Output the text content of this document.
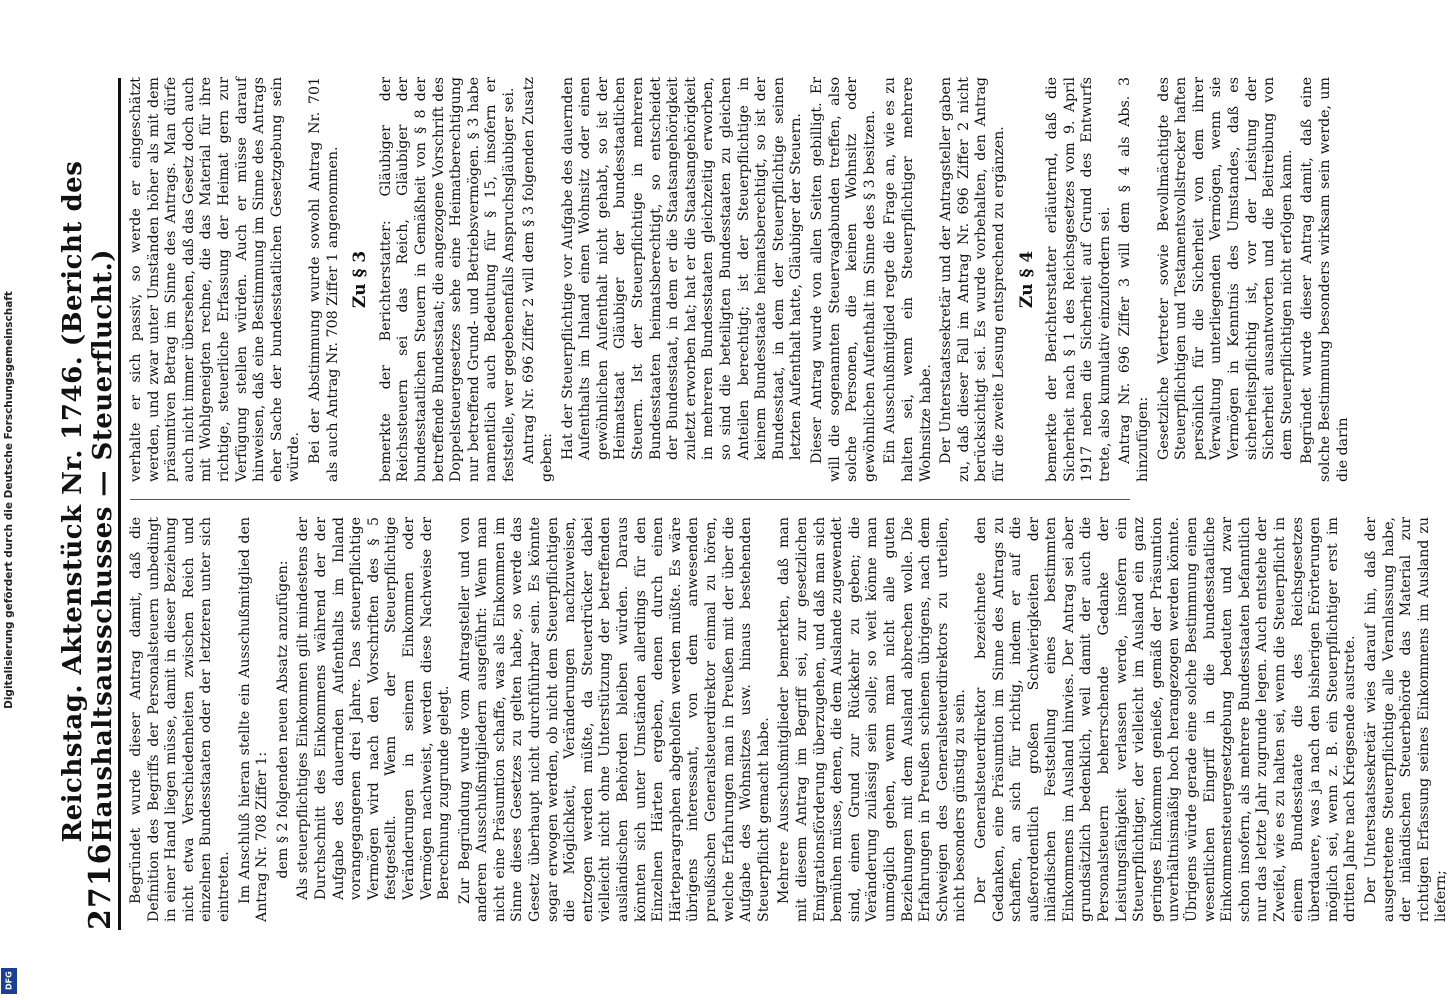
2716
Reichstag. Aktenstück Nr. 1746. (Bericht des Haushaltsausschusses — Steuerflucht.) Begründet wurde dieser Antrag damit, daß die Definition des Begriffs der Personalsteuern unbedingt in einer Hand liegen müsse, damit in dieser Beziehung nicht etwa Verschiedenheiten zwischen Reich und einzelnen Bundesstaaten oder der letzteren unter sich eintreten. Im Anschluß hieran stellte ein Ausschußmitglied den Antrag Nr. 708 Ziffer 1: dem § 2 folgenden neuen Absatz anzufügen: Als steuerpflichtiges Einkommen gilt mindestens der Durchschnitt des Einkommens während der der Aufgabe des dauernden Aufenthalts im Inland vorangegangenen drei Jahre. Das steuerpflichtige Vermögen wird nach den Vorschriften des § 5 festgestellt. Wenn der Steuerpflichtige Veränderungen in seinem Einkommen oder Vermögen nachweist, werden diese Nachweise der Berechnung zugrunde gelegt. Zur Begründung wurde vom Antragsteller und von anderen Ausschußmitgliedern ausgeführt: Wenn man nicht eine Präsumtion schaffe, was als Einkommen im Sinne dieses Gesetzes zu gelten habe, so werde das Gesetz überhaupt nicht durchführbar sein. Es könnte sogar erwogen werden, ob nicht dem Steuerpflichtigen die Möglichkeit, Veränderungen nachzuweisen, entzogen werden müßte, da Steuerdrücker dabei vielleicht nicht ohne Unterstützung der betreffenden ausländischen Behörden bleiben würden. Daraus könnten sich unter Umständen allerdings für den Einzelnen Härten ergeben, denen durch einen Härteparagraphen abgeholfen werden müßte. Es wäre übrigens interessant, von dem anwesenden preußischen Generalsteuerdirektor einmal zu hören, welche Erfahrungen man in Preußen mit der über die Aufgabe des Wohnsitzes usw. hinaus bestehenden Steuerpflicht gemacht habe. Mehrere Ausschußmitglieder bemerkten, daß man mit diesem Antrag im Begriff sei, zur gesetzlichen Emigrationsförderung überzugehen, und daß man sich bemühen müsse, denen, die dem Auslande zugewendet sind, einen Grund zur Rückkehr zu geben; die Veränderung zulässig sein solle; so weit könne man unmöglich gehen, wenn man nicht alle guten Beziehungen mit dem Ausland abbrechen wolle. Die Erfahrungen in Preußen schienen übrigens, nach dem Schweigen des Generalsteuerdirektors zu urteilen, nicht besonders günstig zu sein. Der Generalsteuerdirektor bezeichnete den Gedanken, eine Präsumtion im Sinne des Antrags zu schaffen, an sich für richtig, indem er auf die außerordentlich großen Schwierigkeiten der inländischen Feststellung eines bestimmten Einkommens im Ausland hinwies. Der Antrag sei aber grundsätzlich bedenklich, weil damit der auch die Personalsteuern beherrschende Gedanke der Leistungsfähigkeit verlassen werde, insofern ein Steuerpflichtiger, der vielleicht im Ausland ein ganz geringes Einkommen genieße, gemäß der Präsumtion unverhältnismäßig hoch herangezogen werden könnte. Übrigens würde gerade eine solche Bestimmung einen wesentlichen Eingriff in die bundesstaatliche Einkommensteuergesetzgebung bedeuten und zwar schon insofern, als mehrere Bundesstaaten befanntlich nur das letzte Jahr zugrunde legen. Auch entstehe der Zweifel, wie es zu halten sei, wenn die Steuerpflicht in einem Bundesstaate die des Reichsgesetzes überdauere, was ja nach den bisherigen Erörterungen möglich sei, wenn z. B. ein Steuerpflichtiger erst im dritten Jahre nach Kriegsende austrete. Der Unterstaatssekretär wies darauf hin, daß der ausgetretene Steuerpflichtige alle Veranlassung habe, der inländischen Steuerbehörde das Material zur richtigen Erfassung seines Einkommens im Ausland zu liefern;

verhalte er sich passiv, so werde er eingeschätzt werden, und zwar unter Umständen höher als mit dem präsumtiven Betrag im Sinne des Antrags. Man dürfe auch nicht immer übersehen, daß das Gesetz doch auch mit Wohlgeneigten rechne, die das Material für ihre richtige, steuerliche Erfassung der Heimat gern zur Verfügung stellen würden. Auch er müsse darauf hinweisen, daß eine Bestimmung im Sinne des Antrags eher Sache der bundesstaatlichen Gesetzgebung sein würde. Bei der Abstimmung wurde sowohl Antrag Nr. 701 als auch Antrag Nr. 708 Ziffer 1 angenommen. Zu § 3 bemerkte der Berichterstatter: Gläubiger der Reichssteuern sei das Reich, Gläubiger der bundesstaatlichen Steuern in Gemäßheit von § 8 der betreffende Bundesstaat; die angezogene Vorschrift des Doppelsteuergesetzes sehe eine Heimatberechtigung nur betreffend Grund- und Betriebsvermögen. § 3 habe namentlich auch Bedeutung für § 15, insofern er feststelle, wer gegebenenfalls Anspruchsgläubiger sei. Antrag Nr. 696 Ziffer 2 will dem § 3 folgenden Zusatz geben: Hat der Steuerpflichtige vor Aufgabe des dauernden Aufenthalts im Inland einen Wohnsitz oder einen gewöhnlichen Aufenthalt nicht gehabt, so ist der Heimatstaat Gläubiger der bundesstaatlichen Steuern. Ist der Steuerpflichtige in mehreren Bundesstaaten heimatsberechtigt, so entscheidet der Bundesstaat, in dem er die Staatsangehörigkeit zuletzt erworben hat; hat er die Staatsangehörigkeit in mehreren Bundesstaaten gleichzeitig erworben, so sind die beteiligten Bundesstaaten zu gleichen Anteilen berechtigt; ist der Steuerpflichtige in keinem Bundesstaate heimatsberechtigt, so ist der Bundesstaat, in dem der Steuerpflichtige seinen letzten Aufenthalt hatte, Gläubiger der Steuern. Dieser Antrag wurde von allen Seiten gebilligt. Er will die sogenannten Steuervagabunden treffen, also solche Personen, die keinen Wohnsitz oder gewöhnlichen Aufenthalt im Sinne des § 3 besitzen. Ein Ausschußmitglied regte die Frage an, wie es zu halten sei, wenn ein Steuerpflichtiger mehrere Wohnsitze habe. Der Unterstaatssekretär und der Antragsteller gaben zu, daß dieser Fall im Antrag Nr. 696 Ziffer 2 nicht berücksichtigt sei. Es wurde vorbehalten, den Antrag für die zweite Lesung entsprechend zu ergänzen. Zu § 4 bemerkte der Berichterstatter erläuternd, daß die Sicherheit nach § 1 des Reichsgesetzes vom 9. April 1917 neben die Sicherheit auf Grund des Entwurfs trete, also kumulativ einzufordern sei. Antrag Nr. 696 Ziffer 3 will dem § 4 als Abs. 3 hinzufügen: Gesetzliche Vertreter sowie Bevollmächtigte des Steuerpflichtigen und Testamentsvollstrecker haften persönlich für die Sicherheit von dem ihrer Verwaltung unterliegenden Vermögen, wenn sie Vermögen in Kenntnis des Umstandes, daß es sicherheitspflichtig ist, vor der Leistung der Sicherheit ausantworten und die Beitreibung von dem Steuerpflichtigen nicht erfolgen kann. Begründet wurde dieser Antrag damit, daß eine solche Bestimmung besonders wirksam sein werde, um die darin

Digitalisierung gefördert durch die Deutsche Forschungsgemeinschaft
DFG
